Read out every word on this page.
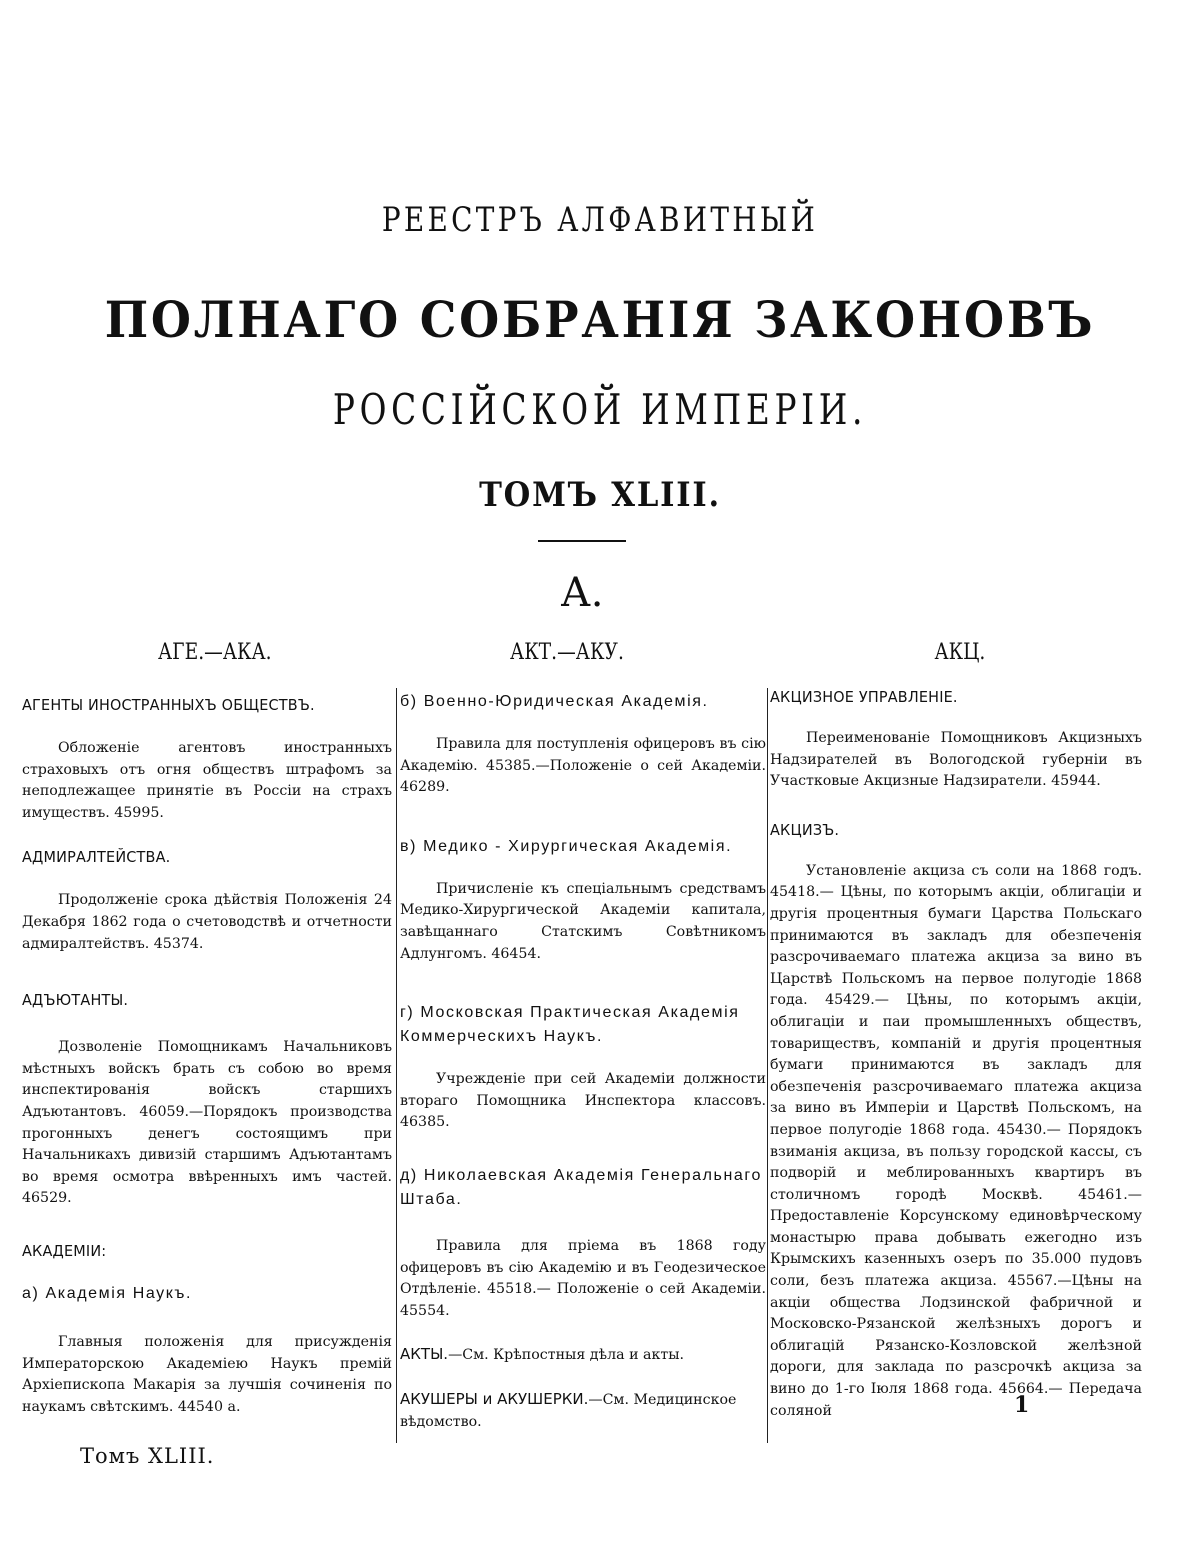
РЕЕСТРЪ АЛФАВИТНЫЙ
ПОЛНАГО СОБРАНІЯ ЗАКОНОВЪ
РОССІЙСКОЙ ИМПЕРІИ.
ТОМЪ XLIII.
А.
АГЕ.—АКА.	АКТ.—АКУ.	АКЦ.
АГЕНТЫ ИНОСТРАННЫХЪ ОБЩЕСТВЪ.
Обложеніе агентовъ иностранныхъ страховыхъ отъ огня обществъ штрафомъ за неподлежащее принятіе въ Россіи на страхъ имуществъ. 45995.
АДМИРАЛТЕЙСТВА.
Продолженіе срока дѣйствія Положенія 24 Декабря 1862 года о счетоводствѣ и отчетности адмиралтействъ. 45374.
АДЪЮТАНТЫ.
Дозволеніе Помощникамъ Начальниковъ мѣстныхъ войскъ брать съ собою во время инспектированія войскъ старшихъ Адъютантовъ. 46059.—Порядокъ производства прогонныхъ денегъ состоящимъ при Начальникахъ дивизій старшимъ Адъютантамъ во время осмотра ввѣренныхъ имъ частей. 46529.
АКАДЕМІИ:
а) Академія Наукъ.
Главныя положенія для присужденія Императорскою Академіею Наукъ премій Архіепископа Макарія за лучшія сочиненія по наукамъ свѣтскимъ. 44540 а.
б) Военно-Юридическая Академія.
Правила для поступленія офицеровъ въ сію Академію. 45385.—Положеніе о сей Академіи. 46289.
в) Медико - Хирургическая Академія.
Причисленіе къ спеціальнымъ средствамъ Медико-Хирургической Академіи капитала, завѣщаннаго Статскимъ Совѣтникомъ Адлунгомъ. 46454.
г) Московская Практическая Академія Коммерческихъ Наукъ.
Учрежденіе при сей Академіи должности втораго Помощника Инспектора классовъ. 46385.
д) Николаевская Академія Генеральнаго Штаба.
Правила для пріема въ 1868 году офицеровъ въ сію Академію и въ Геодезическое Отдѣленіе. 45518.— Положеніе о сей Академіи. 45554.
АКТЫ.—См. Крѣпостныя дѣла и акты.
АКУШЕРЫ и АКУШЕРКИ.—См. Медицинское вѣдомство.
АКЦИЗНОЕ УПРАВЛЕНІЕ.
Переименованіе Помощниковъ Акцизныхъ Надзирателей въ Вологодской губерніи въ Участковые Акцизные Надзиратели. 45944.
АКЦИЗЪ.
Установленіе акциза съ соли на 1868 годъ. 45418.— Цѣны, по которымъ акціи, облигаціи и другія процентныя бумаги Царства Польскаго принимаются въ закладъ для обезпеченія разсрочиваемаго платежа акциза за вино въ Царствѣ Польскомъ на первое полугодіе 1868 года. 45429.— Цѣны, по которымъ акціи, облигаціи и паи промышленныхъ обществъ, товариществъ, компаній и другія процентныя бумаги принимаются въ закладъ для обезпеченія разсрочиваемаго платежа акциза за вино въ Имперіи и Царствѣ Польскомъ, на первое полугодіе 1868 года. 45430.— Порядокъ взиманія акциза, въ пользу городской кассы, съ подворій и меблированныхъ квартиръ въ столичномъ городѣ Москвѣ. 45461.—Предоставленіе Корсунскому единовѣрческому монастырю права добывать ежегодно изъ Крымскихъ казенныхъ озеръ по 35.000 пудовъ соли, безъ платежа акциза. 45567.—Цѣны на акціи общества Лодзинской фабричной и Московско-Рязанской желѣзныхъ дорогъ и облигацій Рязанско-Козловской желѣзной дороги, для заклада по разсрочкѣ акциза за вино до 1-го Іюля 1868 года. 45664.— Передача соляной
Томъ XLIII.
1
